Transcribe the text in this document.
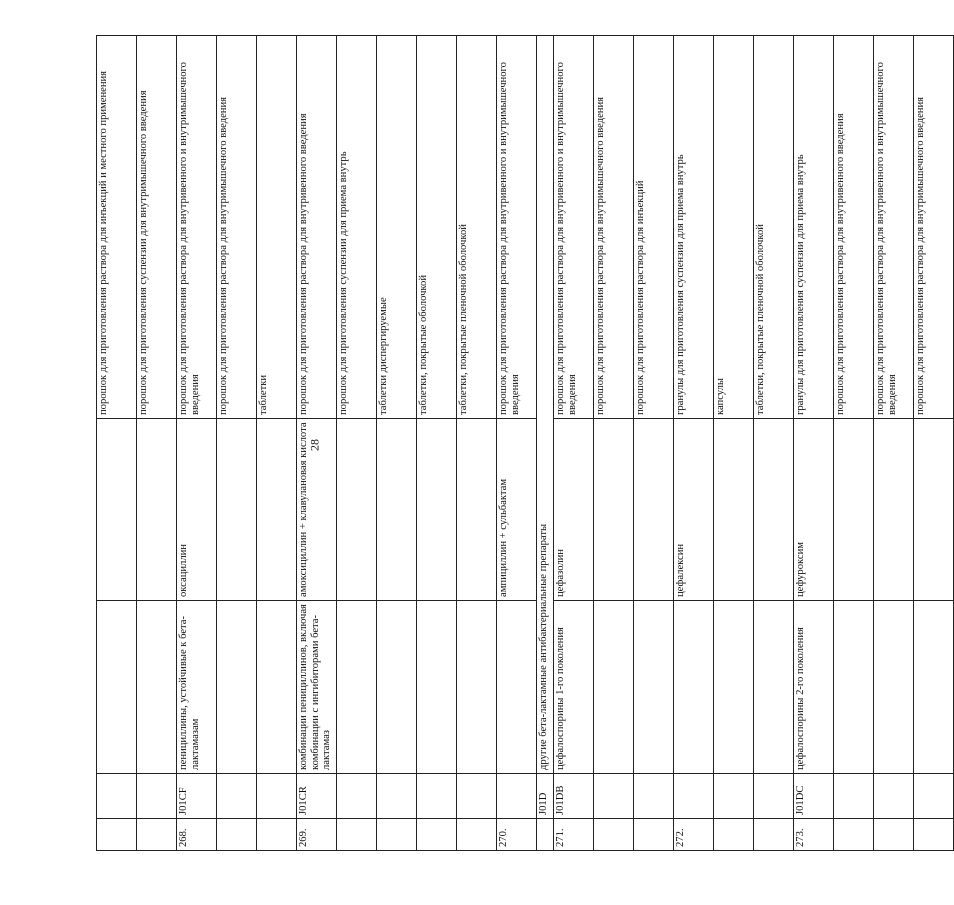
28
				порошок для приготовления раствора для инъекций и местного применения
				порошок для приготовления суспензии для внутримышечного введения
268.	J01CF	пенициллины, устойчивые к бета-лактамазам	оксациллин	порошок для приготовления раствора для внутривенного и внутримышечного введения
				порошок для приготовления раствора для внутримышечного введения
				таблетки
269.	J01CR	комбинации пенициллинов, включая комбинации с ингибиторами бета-лактамаз	амоксициллин + клавулановая кислота	порошок для приготовления раствора для внутривенного введения
				порошок для приготовления суспензии для приема внутрь
				таблетки диспергируемые
				таблетки, покрытые оболочкой
				таблетки, покрытые пленочной оболочкой
270.			ампициллин + сульбактам	порошок для приготовления раствора для внутривенного и внутримышечного введения
	J01D	другие бета-лактамные антибактериальные препараты		
271.	J01DB	цефалоспорины 1-го поколения	цефазолин	порошок для приготовления раствора для внутривенного и внутримышечного введения
				порошок для приготовления раствора для внутримышечного введения
				порошок для приготовления раствора для инъекций
272.			цефалексин	гранулы для приготовления суспензии для приема внутрь
				капсулы
				таблетки, покрытые пленочной оболочкой
273.	J01DC	цефалоспорины 2-го поколения	цефуроксим	гранулы для приготовления суспензии для приема внутрь
				порошок для приготовления раствора для внутривенного введения
				порошок для приготовления раствора для внутривенного и внутримышечного введения
				порошок для приготовления раствора для внутримышечного введения
